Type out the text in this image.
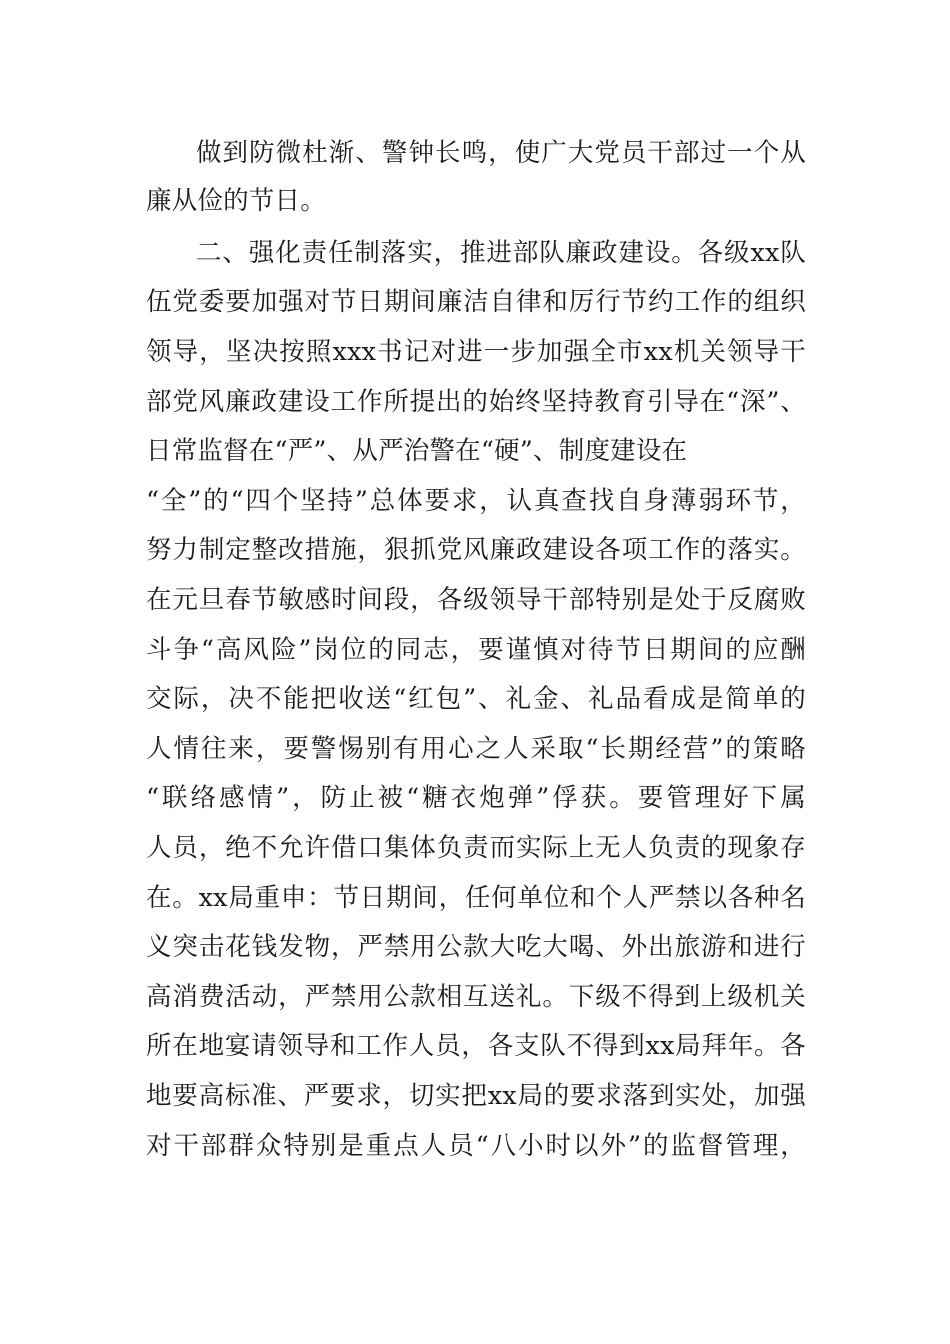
做到防微杜渐、警钟长鸣，使广大党员干部过一个从
廉从俭的节日。
二、强化责任制落实，推进部队廉政建设。各级xx队
伍党委要加强对节日期间廉洁自律和厉行节约工作的组织
领导，坚决按照xxx书记对进一步加强全市xx机关领导干
部党风廉政建设工作所提出的始终坚持教育引导在“深”、
日常监督在“严”、从严治警在“硬”、制度建设在
“全”的“四个坚持”总体要求，认真查找自身薄弱环节，
努力制定整改措施，狠抓党风廉政建设各项工作的落实。
在元旦春节敏感时间段，各级领导干部特别是处于反腐败
斗争“高风险”岗位的同志，要谨慎对待节日期间的应酬
交际，决不能把收送“红包”、礼金、礼品看成是简单的
人情往来，要警惕别有用心之人采取“长期经营”的策略
“联络感情”，防止被“糖衣炮弹”俘获。要管理好下属
人员，绝不允许借口集体负责而实际上无人负责的现象存
在。xx局重申：节日期间，任何单位和个人严禁以各种名
义突击花钱发物，严禁用公款大吃大喝、外出旅游和进行
高消费活动，严禁用公款相互送礼。下级不得到上级机关
所在地宴请领导和工作人员，各支队不得到xx局拜年。各
地要高标准、严要求，切实把xx局的要求落到实处，加强
对干部群众特别是重点人员“八小时以外”的监督管理，
